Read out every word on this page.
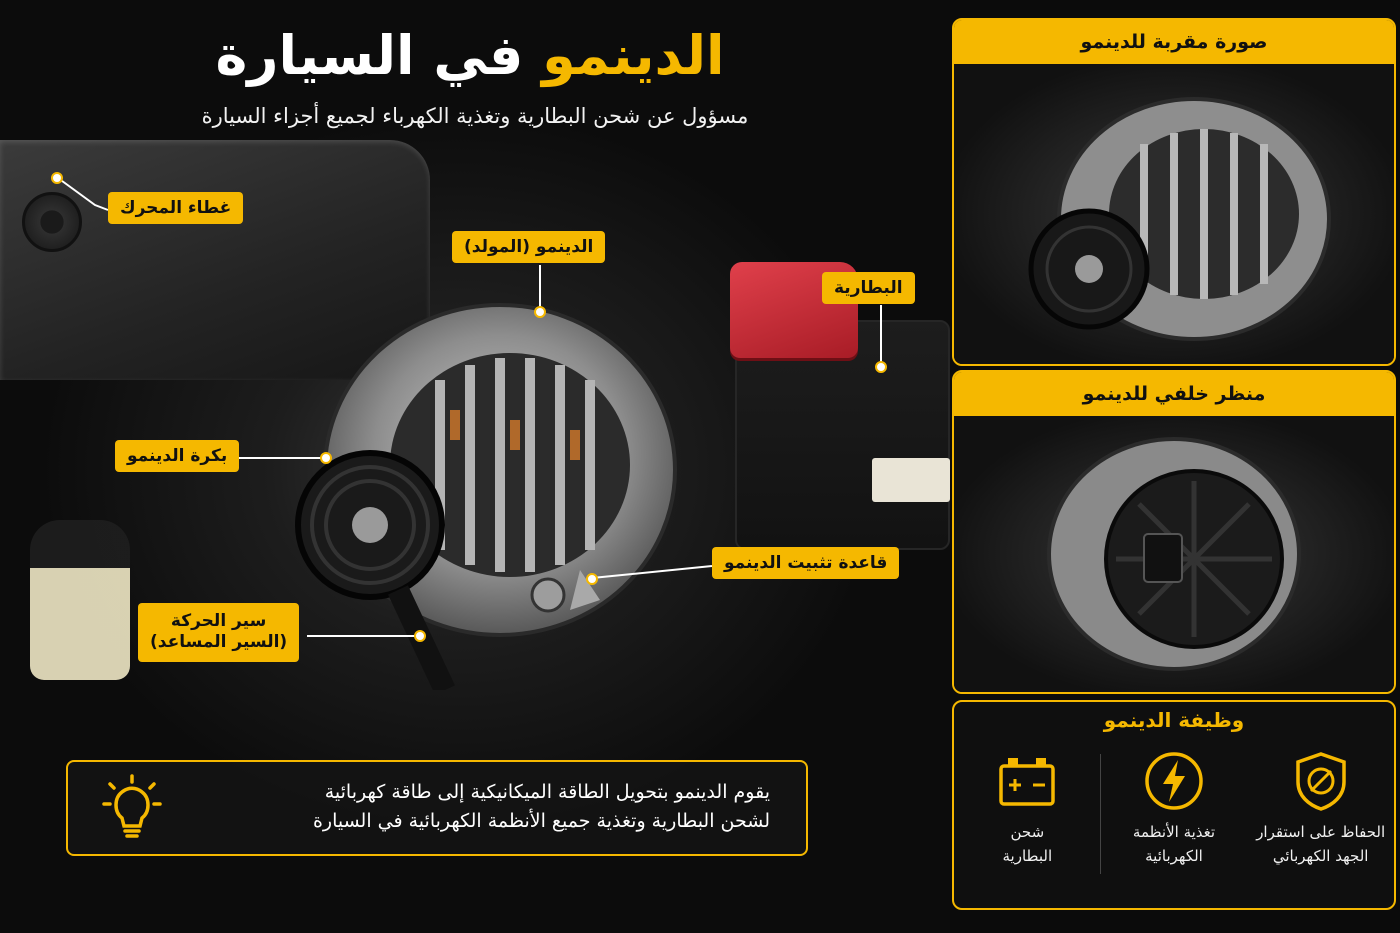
الدينمو في السيارة
مسؤول عن شحن البطارية وتغذية الكهرباء لجميع أجزاء السيارة
غطاء المحرك
الدينمو (المولد)
البطارية
بكرة الدينمو
قاعدة تثبيت الدينمو
سير الحركة
(السير المساعد)
يقوم الدينمو بتحويل الطاقة الميكانيكية إلى طاقة كهربائية
لشحن البطارية وتغذية جميع الأنظمة الكهربائية في السيارة
صورة مقربة للدينمو
منظر خلفي للدينمو
وظيفة الدينمو
الحفاظ على استقرار
الجهد الكهربائي
تغذية الأنظمة
الكهربائية
شحن
البطارية
